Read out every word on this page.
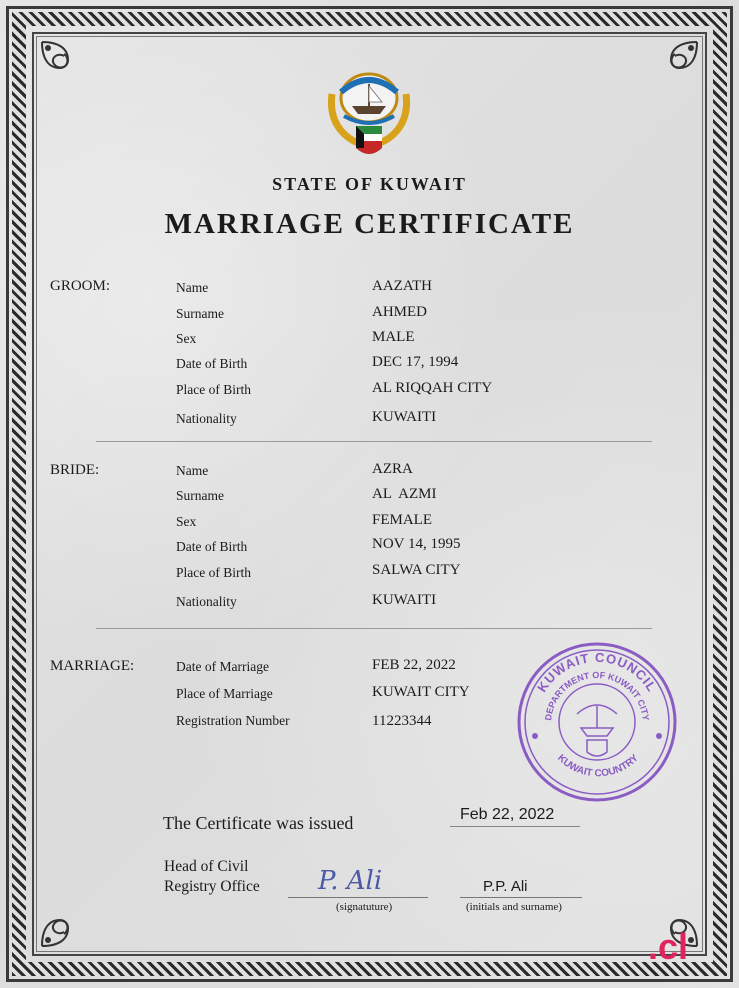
STATE OF KUWAIT
MARRIAGE CERTIFICATE
GROOM:	Name	AAZATH
Surname	AHMED
Sex	MALE
Date of Birth	DEC 17, 1994
Place of Birth	AL RIQQAH CITY
Nationality	KUWAITI
BRIDE:	Name	AZRA
Surname	AL  AZMI
Sex	FEMALE
Date of Birth	NOV 14, 1995
Place of Birth	SALWA CITY
Nationality	KUWAITI
MARRIAGE:	Date of Marriage	FEB 22, 2022
Place of Marriage	KUWAIT CITY
Registration Number	11223344
KUWAIT COUNCIL
DEPARTMENT OF KUWAIT CITY
KUWAIT COUNTRY
The Certificate was issued	Feb 22, 2022
Head of Civil
Registry Office P. Ali
(signatuture)
P.P. Ali
(initials and surname)
.cl
